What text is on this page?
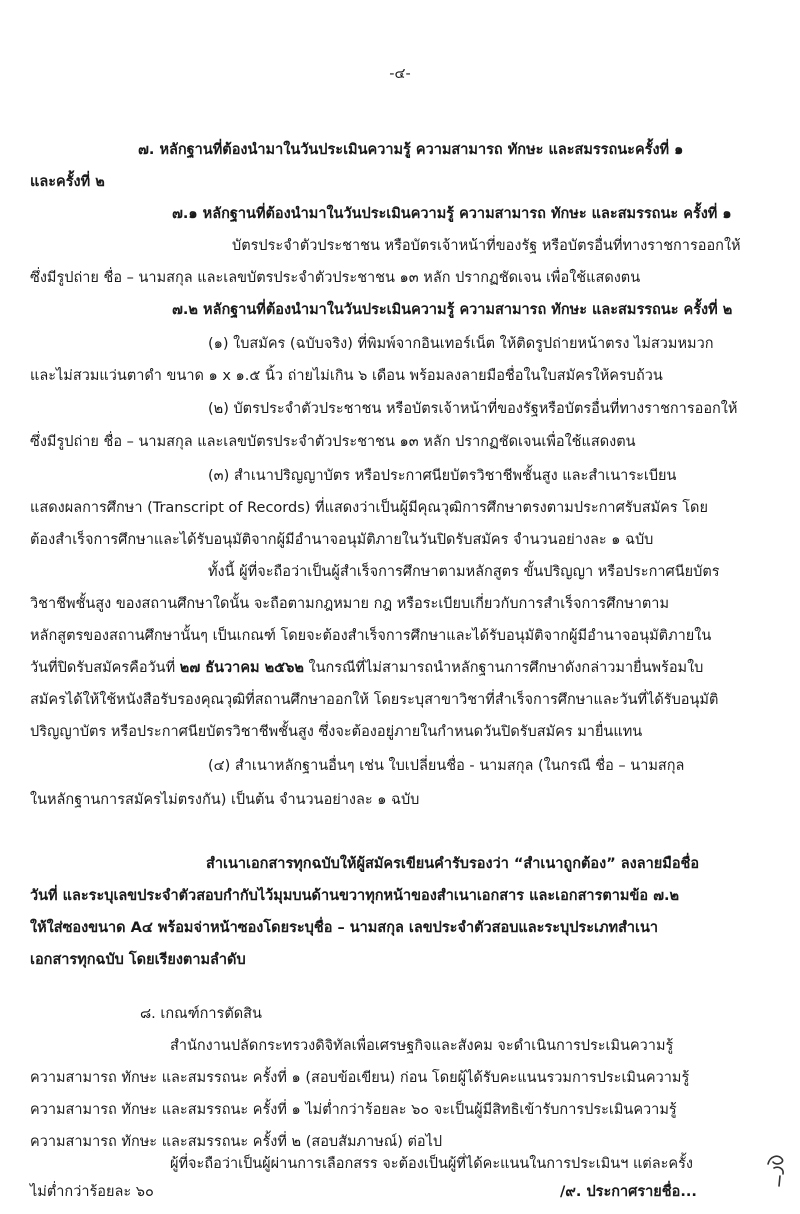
-๔-
๗. หลักฐานที่ต้องนำมาในวันประเมินความรู้ ความสามารถ ทักษะ และสมรรถนะครั้งที่ ๑
และครั้งที่ ๒
๗.๑ หลักฐานที่ต้องนำมาในวันประเมินความรู้ ความสามารถ ทักษะ และสมรรถนะ ครั้งที่ ๑
บัตรประจำตัวประชาชน หรือบัตรเจ้าหน้าที่ของรัฐ หรือบัตรอื่นที่ทางราชการออกให้
ซึ่งมีรูปถ่าย ชื่อ – นามสกุล และเลขบัตรประจำตัวประชาชน ๑๓ หลัก ปรากฏชัดเจน เพื่อใช้แสดงตน
๗.๒ หลักฐานที่ต้องนำมาในวันประเมินความรู้ ความสามารถ ทักษะ และสมรรถนะ ครั้งที่ ๒
(๑) ใบสมัคร (ฉบับจริง) ที่พิมพ์จากอินเทอร์เน็ต ให้ติดรูปถ่ายหน้าตรง ไม่สวมหมวก
และไม่สวมแว่นตาดำ ขนาด ๑ x ๑.๕ นิ้ว ถ่ายไม่เกิน ๖ เดือน พร้อมลงลายมือชื่อในใบสมัครให้ครบถ้วน
(๒) บัตรประจำตัวประชาชน หรือบัตรเจ้าหน้าที่ของรัฐหรือบัตรอื่นที่ทางราชการออกให้
ซึ่งมีรูปถ่าย ชื่อ – นามสกุล และเลขบัตรประจำตัวประชาชน ๑๓ หลัก ปรากฏชัดเจนเพื่อใช้แสดงตน
(๓) สำเนาปริญญาบัตร หรือประกาศนียบัตรวิชาชีพชั้นสูง และสำเนาระเบียน
แสดงผลการศึกษา (Transcript of Records) ที่แสดงว่าเป็นผู้มีคุณวุฒิการศึกษาตรงตามประกาศรับสมัคร โดย
ต้องสำเร็จการศึกษาและได้รับอนุมัติจากผู้มีอำนาจอนุมัติภายในวันปิดรับสมัคร จำนวนอย่างละ ๑ ฉบับ
ทั้งนี้ ผู้ที่จะถือว่าเป็นผู้สำเร็จการศึกษาตามหลักสูตร ขั้นปริญญา หรือประกาศนียบัตร
วิชาชีพชั้นสูง ของสถานศึกษาใดนั้น จะถือตามกฎหมาย กฎ หรือระเบียบเกี่ยวกับการสำเร็จการศึกษาตาม
หลักสูตรของสถานศึกษานั้นๆ เป็นเกณฑ์ โดยจะต้องสำเร็จการศึกษาและได้รับอนุมัติจากผู้มีอำนาจอนุมัติภายใน
วันที่ปิดรับสมัครคือวันที่ ๒๗ ธันวาคม ๒๕๖๒ ในกรณีที่ไม่สามารถนำหลักฐานการศึกษาดังกล่าวมายื่นพร้อมใบ
สมัครได้ให้ใช้หนังสือรับรองคุณวุฒิที่สถานศึกษาออกให้ โดยระบุสาขาวิชาที่สำเร็จการศึกษาและวันที่ได้รับอนุมัติ
ปริญญาบัตร หรือประกาศนียบัตรวิชาชีพชั้นสูง ซึ่งจะต้องอยู่ภายในกำหนดวันปิดรับสมัคร มายื่นแทน
(๔) สำเนาหลักฐานอื่นๆ เช่น ใบเปลี่ยนชื่อ - นามสกุล (ในกรณี ชื่อ – นามสกุล
ในหลักฐานการสมัครไม่ตรงกัน) เป็นต้น จำนวนอย่างละ ๑ ฉบับ
สำเนาเอกสารทุกฉบับให้ผู้สมัครเขียนคำรับรองว่า “สำเนาถูกต้อง” ลงลายมือชื่อ
วันที่ และระบุเลขประจำตัวสอบกำกับไว้มุมบนด้านขวาทุกหน้าของสำเนาเอกสาร และเอกสารตามข้อ ๗.๒
ให้ใส่ซองขนาด A๔ พร้อมจ่าหน้าซองโดยระบุชื่อ – นามสกุล เลขประจำตัวสอบและระบุประเภทสำเนา
เอกสารทุกฉบับ โดยเรียงตามลำดับ
๘. เกณฑ์การตัดสิน
สำนักงานปลัดกระทรวงดิจิทัลเพื่อเศรษฐกิจและสังคม จะดำเนินการประเมินความรู้
ความสามารถ ทักษะ และสมรรถนะ ครั้งที่ ๑ (สอบข้อเขียน) ก่อน โดยผู้ได้รับคะแนนรวมการประเมินความรู้
ความสามารถ ทักษะ และสมรรถนะ ครั้งที่ ๑ ไม่ต่ำกว่าร้อยละ ๖๐ จะเป็นผู้มีสิทธิเข้ารับการประเมินความรู้
ความสามารถ ทักษะ และสมรรถนะ ครั้งที่ ๒ (สอบสัมภาษณ์) ต่อไป
ผู้ที่จะถือว่าเป็นผู้ผ่านการเลือกสรร จะต้องเป็นผู้ที่ได้คะแนนในการประเมินฯ แต่ละครั้ง
ไม่ต่ำกว่าร้อยละ ๖๐	/๙. ประกาศรายชื่อ...
